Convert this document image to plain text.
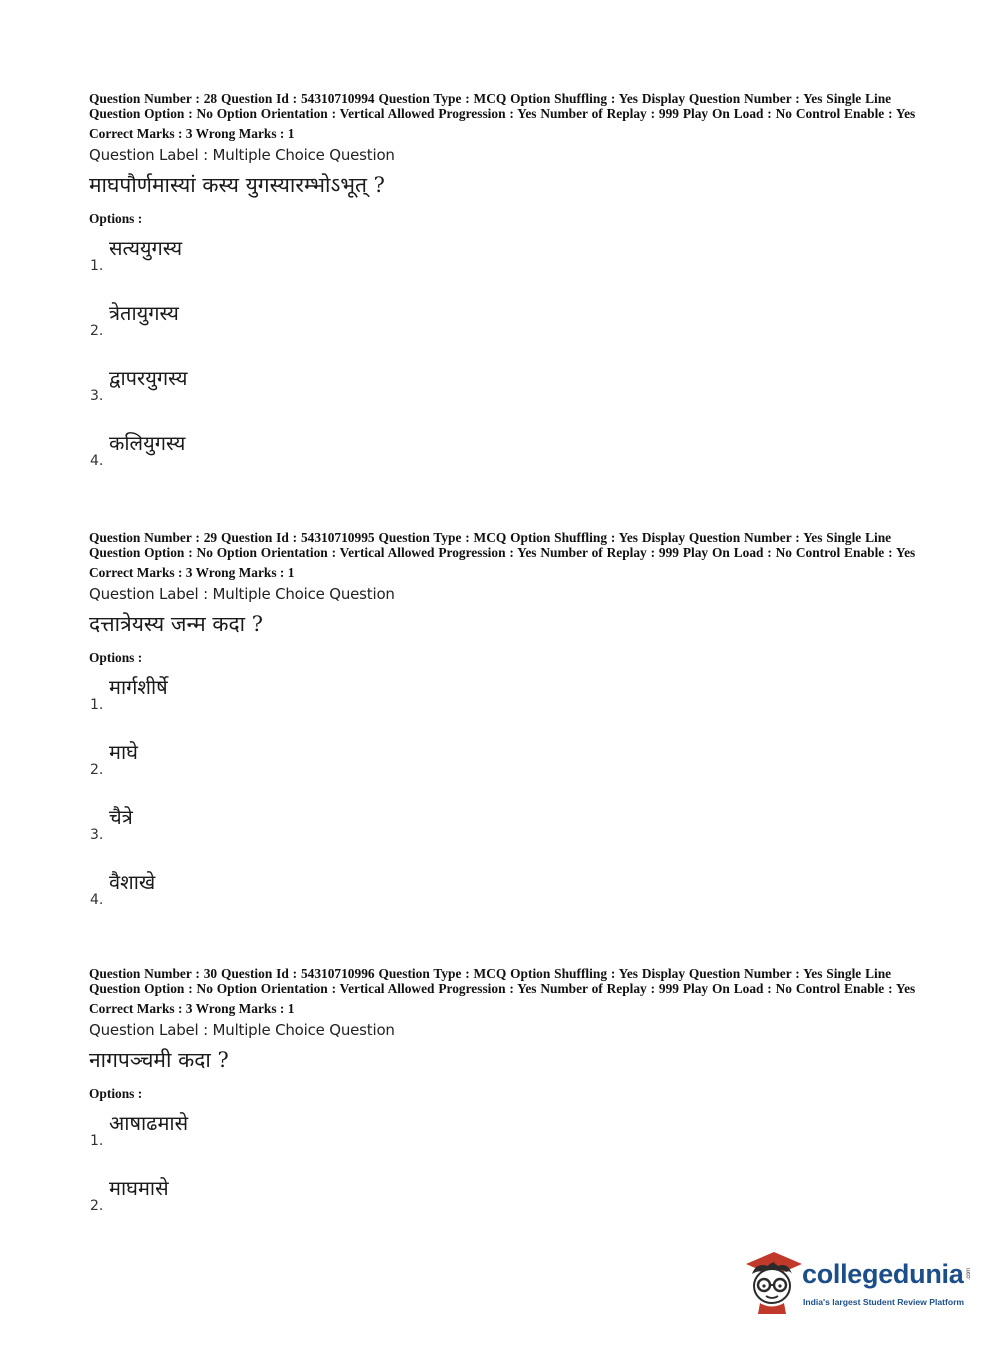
Question Number : 28 Question Id : 54310710994 Question Type : MCQ Option Shuffling : Yes Display Question Number : Yes Single Line Question Option : No Option Orientation : Vertical Allowed Progression : Yes Number of Replay : 999 Play On Load : No Control Enable : Yes
Correct Marks : 3 Wrong Marks : 1
Question Label : Multiple Choice Question
माघपौर्णमास्यां कस्य युगस्यारम्भोऽभूत् ?
Options :
1.
सत्ययुगस्य
2.
त्रेतायुगस्य
3.
द्वापरयुगस्य
4.
कलियुगस्य
Question Number : 29 Question Id : 54310710995 Question Type : MCQ Option Shuffling : Yes Display Question Number : Yes Single Line Question Option : No Option Orientation : Vertical Allowed Progression : Yes Number of Replay : 999 Play On Load : No Control Enable : Yes
Correct Marks : 3 Wrong Marks : 1
Question Label : Multiple Choice Question
दत्तात्रेयस्य जन्म कदा ?
Options :
1.
मार्गशीर्षे
2.
माघे
3.
चैत्रे
4.
वैशाखे
Question Number : 30 Question Id : 54310710996 Question Type : MCQ Option Shuffling : Yes Display Question Number : Yes Single Line Question Option : No Option Orientation : Vertical Allowed Progression : Yes Number of Replay : 999 Play On Load : No Control Enable : Yes
Correct Marks : 3 Wrong Marks : 1
Question Label : Multiple Choice Question
नागपञ्चमी कदा ?
Options :
1.
आषाढमासे
2.
माघमासे
collegedunia .com
India's largest Student Review Platform
